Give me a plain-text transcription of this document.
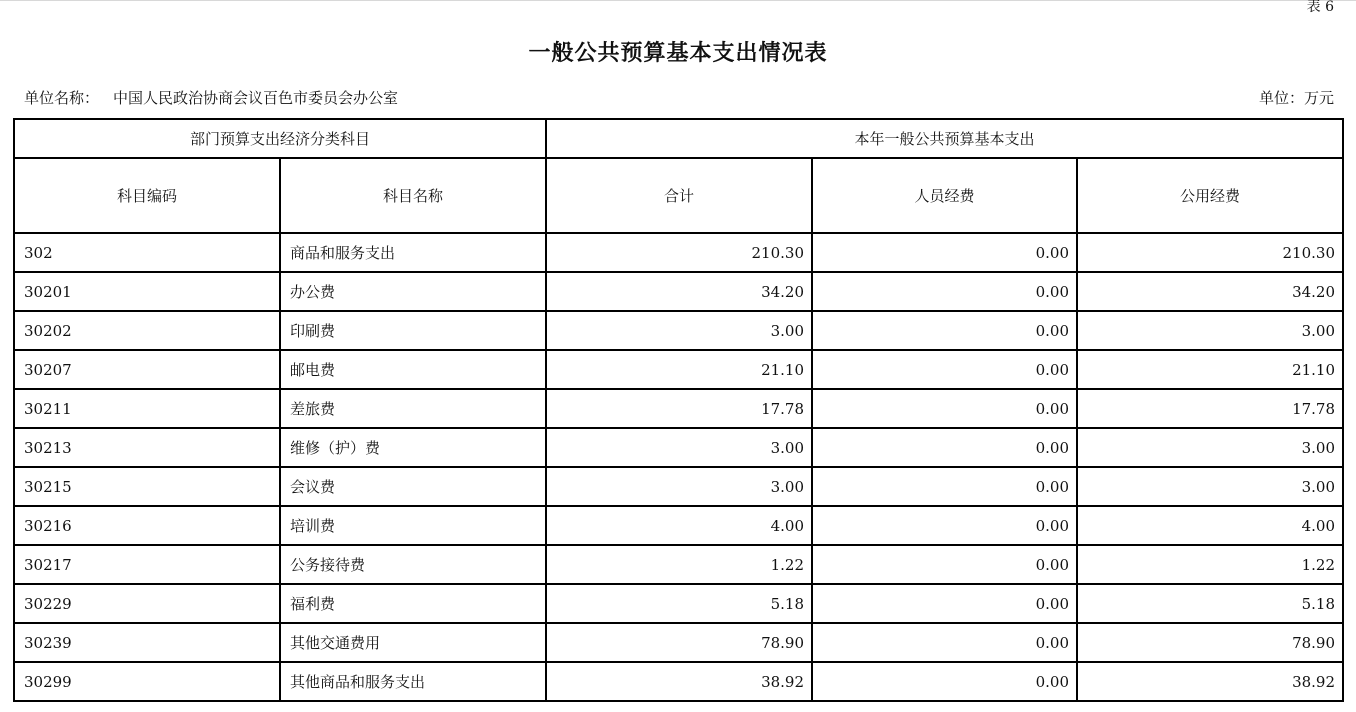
表 6
一般公共预算基本支出情况表
单位名称： 中国人民政治协商会议百色市委员会办公室	单位：万元
部门预算支出经济分类科目		本年一般公共预算基本支出		
科目编码	科目名称	合计	人员经费	公用经费
302	商品和服务支出	210.30	0.00	210.30
30201	办公费	34.20	0.00	34.20
30202	印刷费	3.00	0.00	3.00
30207	邮电费	21.10	0.00	21.10
30211	差旅费	17.78	0.00	17.78
30213	维修（护）费	3.00	0.00	3.00
30215	会议费	3.00	0.00	3.00
30216	培训费	4.00	0.00	4.00
30217	公务接待费	1.22	0.00	1.22
30229	福利费	5.18	0.00	5.18
30239	其他交通费用	78.90	0.00	78.90
30299	其他商品和服务支出	38.92	0.00	38.92
